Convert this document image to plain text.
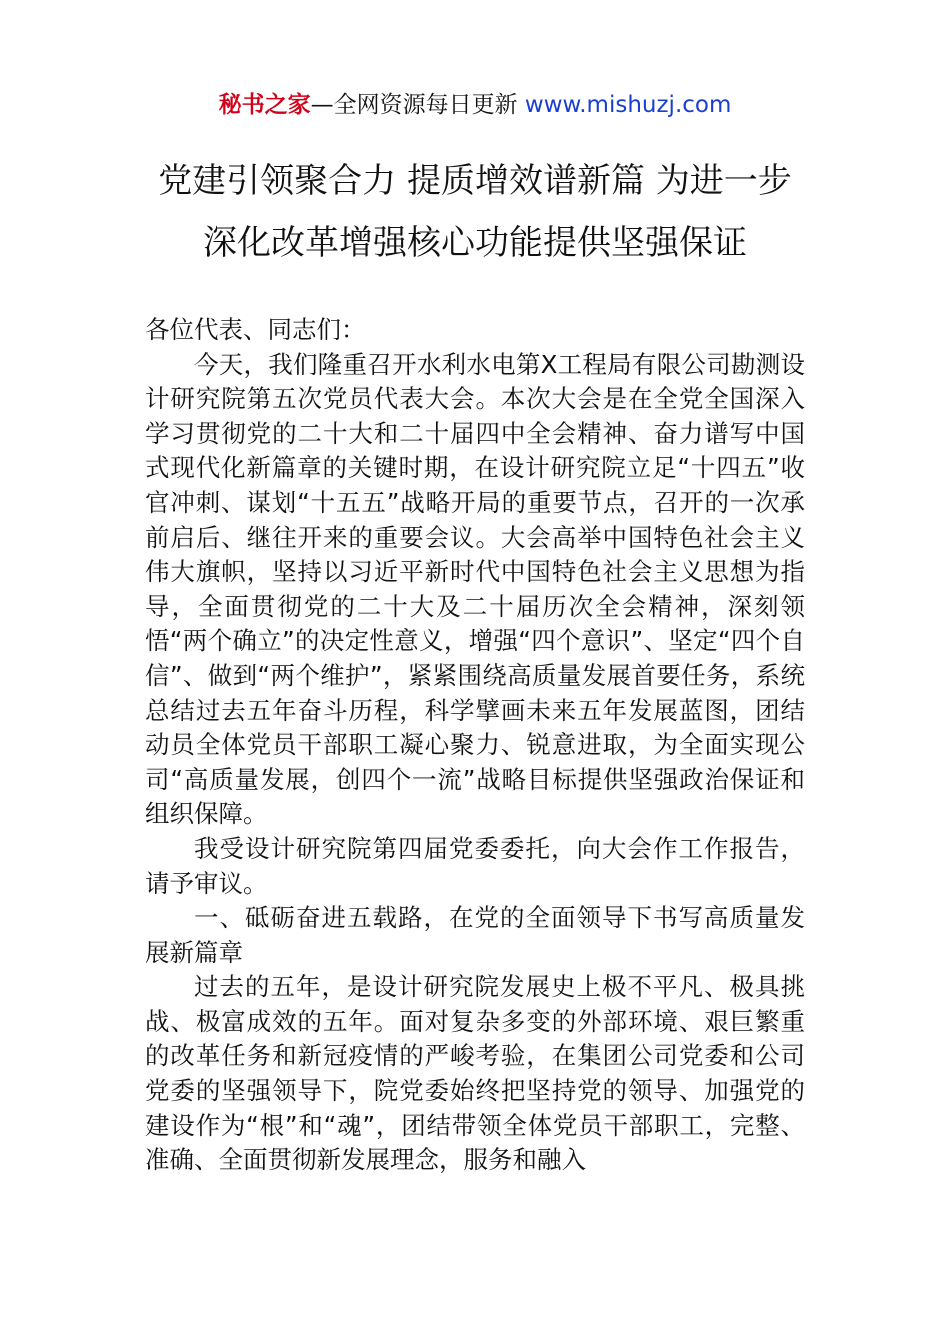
秘书之家—全网资源每日更新 www.mishuzj.com
党建引领聚合力 提质增效谱新篇 为进一步
深化改革增强核心功能提供坚强保证

各位代表、同志们：

今天，我们隆重召开水利水电第X工程局有限公司勘测设计研究院第五次党员代表大会。本次大会是在全党全国深入学习贯彻党的二十大和二十届四中全会精神、奋力谱写中国式现代化新篇章的关键时期，在设计研究院立足“十四五”收官冲刺、谋划“十五五”战略开局的重要节点，召开的一次承前启后、继往开来的重要会议。大会高举中国特色社会主义伟大旗帜，坚持以习近平新时代中国特色社会主义思想为指导，全面贯彻党的二十大及二十届历次全会精神，深刻领悟“两个确立”的决定性意义，增强“四个意识”、坚定“四个自信”、做到“两个维护”，紧紧围绕高质量发展首要任务，系统总结过去五年奋斗历程，科学擘画未来五年发展蓝图，团结动员全体党员干部职工凝心聚力、锐意进取，为全面实现公司“高质量发展，创四个一流”战略目标提供坚强政治保证和组织保障。

我受设计研究院第四届党委委托，向大会作工作报告，请予审议。

一、砥砺奋进五载路，在党的全面领导下书写高质量发展新篇章

过去的五年，是设计研究院发展史上极不平凡、极具挑战、极富成效的五年。面对复杂多变的外部环境、艰巨繁重的改革任务和新冠疫情的严峻考验，在集团公司党委和公司党委的坚强领导下，院党委始终把坚持党的领导、加强党的建设作为“根”和“魂”，团结带领全体党员干部职工，完整、准确、全面贯彻新发展理念，服务和融入
